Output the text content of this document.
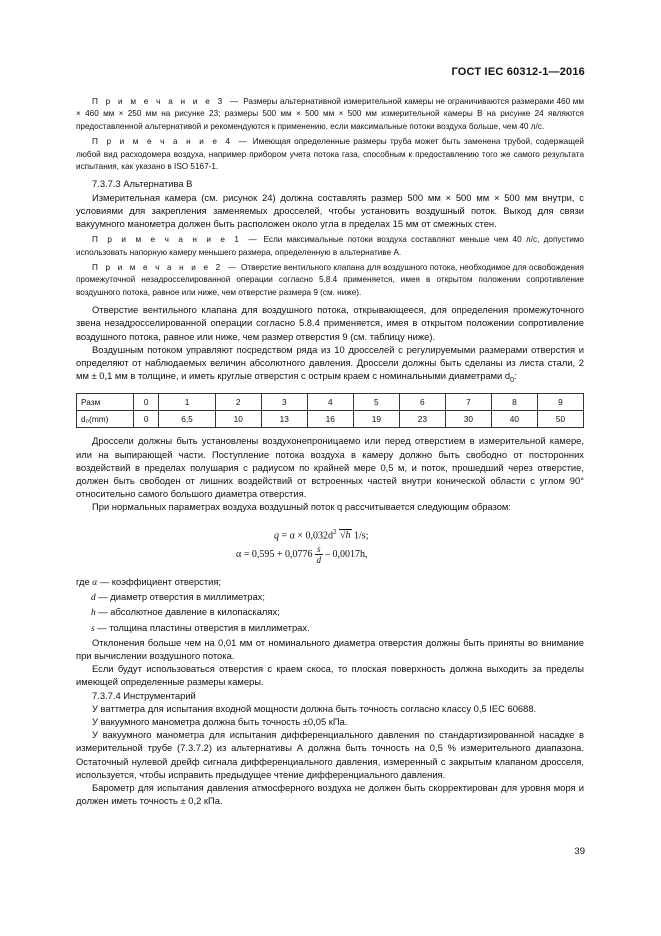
ГОСТ IEC 60312-1—2016

П р и м е ч а н и е 3 — Размеры альтернативной измерительной камеры не ограничиваются размерами 460 мм × 460 мм × 250 мм на рисунке 23; размеры 500 мм × 500 мм × 500 мм измерительной камеры В на рисунке 24 являются предоставленной альтернативой и рекомендуются к применению, если максимальные потоки воздуха больше, чем 40 л/с.

П р и м е ч а н и е 4 — Имеющая определенные размеры труба может быть заменена трубой, содержащей любой вид расходомера воздуха, например прибором учета потока газа, способным к предоставлению того же самого результата испытания, как указано в ISO 5167-1.

7.3.7.3 Альтернатива В

Измерительная камера (см. рисунок 24) должна составлять размер 500 мм × 500 мм × 500 мм внутри, с условиями для закрепления заменяемых дросселей, чтобы установить воздушный поток. Выход для связи вакуумного манометра должен быть расположен около угла в пределах 15 мм от смежных стен.

П р и м е ч а н и е 1 — Если максимальные потоки воздуха составляют меньше чем 40 л/с, допустимо использовать напорную камеру меньшего размера, определенную в альтернативе А.

П р и м е ч а н и е 2 — Отверстие вентильного клапана для воздушного потока, необходимое для освобождения промежуточной незадросселированной операции согласно 5.8.4 применяется, имея в открытом положении сопротивление воздушного потока, равное или ниже, чем отверстие размера 9 (см. ниже).

Отверстие вентильного клапана для воздушного потока, открывающееся, для определения промежуточного звена незадросселированной операции согласно 5.8.4 применяется, имея в открытом положении сопротивление воздушного потока, равное или ниже, чем размер отверстия 9 (см. таблицу ниже).

Воздушным потоком управляют посредством ряда из 10 дросселей с регулируемыми размерами отверстия и определяют от наблюдаемых величин абсолютного давления. Дроссели должны быть сделаны из листа стали, 2 мм ± 0,1 мм в толщине, и иметь круглые отверстия с острым краем с номинальными диаметрами $d_0$:

Разм	0	1	2	3	4	5	6	7	8	9
d₀(mm)	0	6,5	10	13	16	19	23	30	40	50

Дроссели должны быть установлены воздухонепроницаемо или перед отверстием в измерительной камере, или на выпирающей части. Поступление потока воздуха в камеру должно быть свободно от посторонних воздействий в пределах полушария с радиусом по крайней мере 0,5 м, и поток, прошедший через отверстие, должен быть свободен от лишних воздействий от встроенных частей внутри конической области с углом 90° относительно самого большого диаметра отверстия.

При нормальных параметрах воздуха воздушный поток q рассчитывается следующим образом:

$q = \alpha \times 0,032d^2$ √h 1/s;
$\alpha = 0,595 + 0,0776 \frac{s}{d} - 0,0017h$,

где α — коэффициент отверстия;

d — диаметр отверстия в миллиметрах;

h — абсолютное давление в килопаскалях;

s — толщина пластины отверстия в миллиметрах.

Отклонения больше чем на 0,01 мм от номинального диаметра отверстия должны быть приняты во внимание при вычислении воздушного потока.

Если будут использоваться отверстия с краем скоса, то плоская поверхность должна выходить за пределы имеющей определенные размеры камеры.

7.3.7.4 Инструментарий

У ваттметра для испытания входной мощности должна быть точность согласно классу 0,5 IEC 60688.

У вакуумного манометра должна быть точность ±0,05 кПа.

У вакуумного манометра для испытания дифференциального давления по стандартизированной насадке в измерительной трубе (7.3.7.2) из альтернативы А должна быть точность на 0,5 % измерительного диапазона. Остаточный нулевой дрейф сигнала дифференциального давления, измеренный с закрытым клапаном дросселя, используется, чтобы исправить предыдущее чтение дифференциального давления.

Барометр для испытания давления атмосферного воздуха не должен быть скорректирован для уровня моря и должен иметь точность ± 0,2 кПа.

39
